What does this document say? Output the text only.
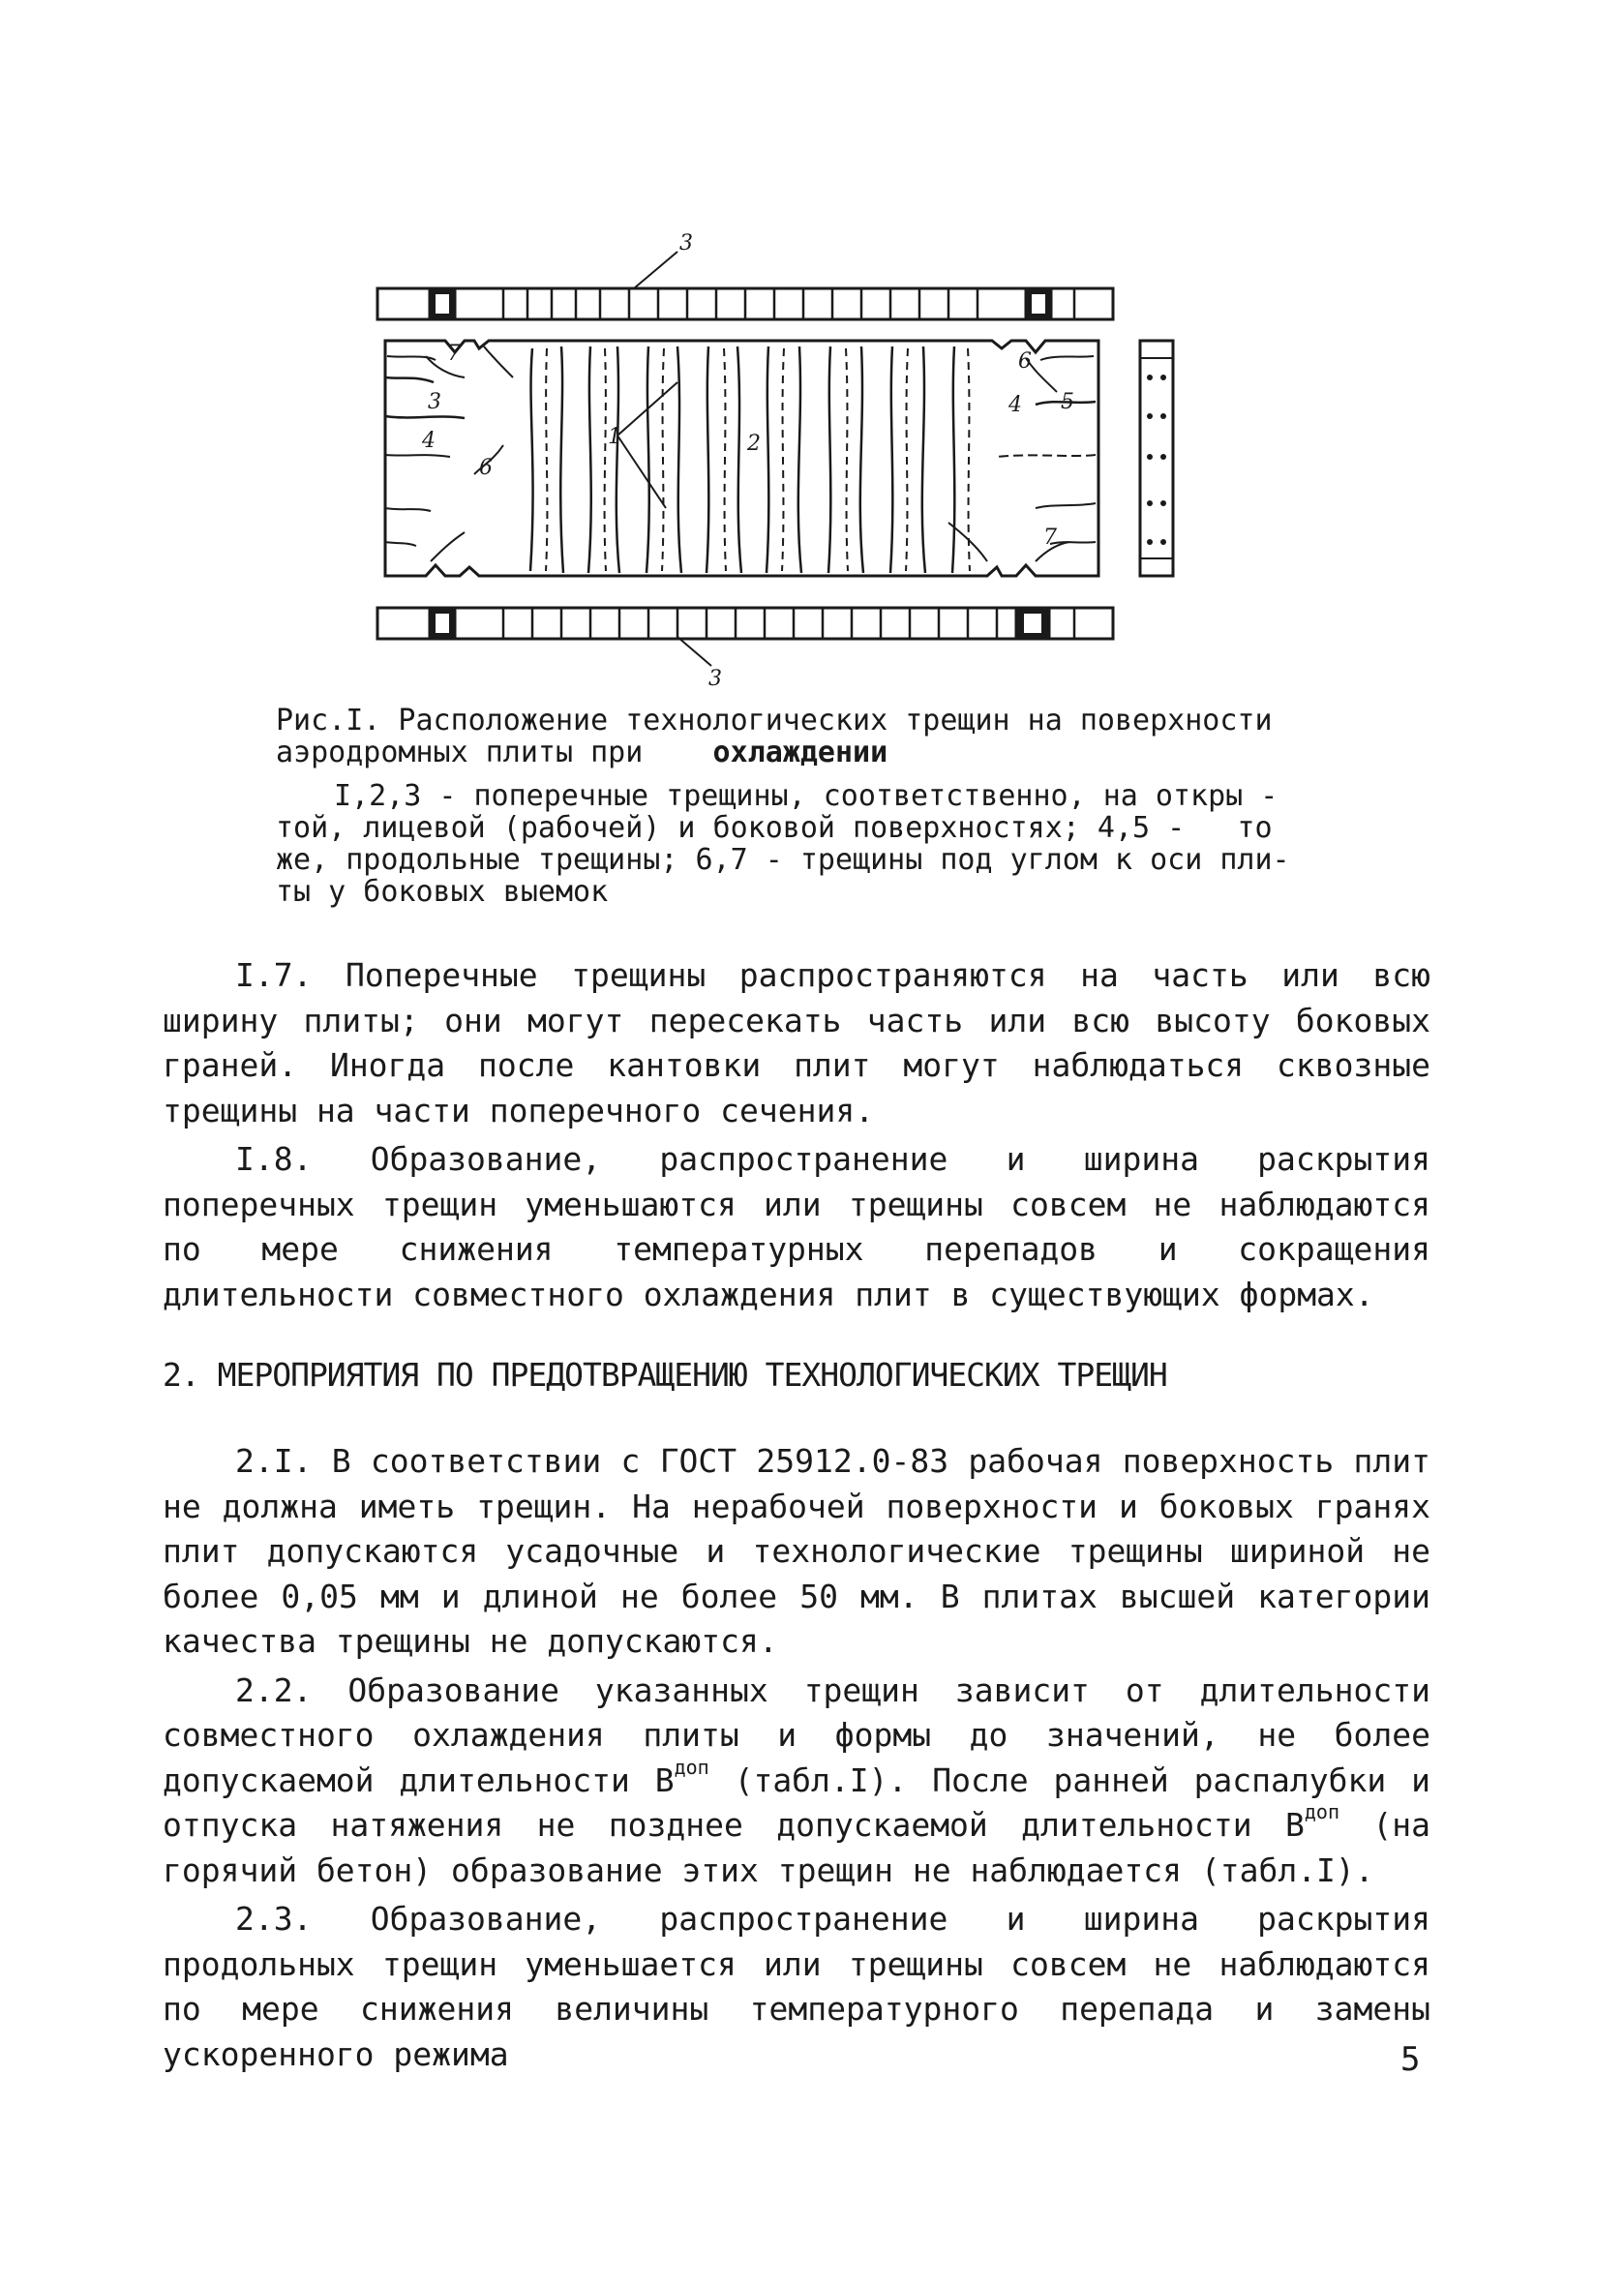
3
3
7
3
4
6
1	2
6
4 5
7
Рис.I. Расположение технологических трещин на поверхности
аэродромных плиты при    охлаждении
I,2,3 - поперечные трещины, соответственно, на откры -
той, лицевой (рабочей) и боковой поверхностях; 4,5 -   то
же, продольные трещины; 6,7 - трещины под углом к оси пли-
ты у боковых выемок

I.7. Поперечные трещины распространяются на часть или всю ширину плиты; они могут пересекать часть или всю высоту боковых граней. Иногда после кантовки плит могут наблюдаться сквозные трещины на части поперечного сечения.

I.8. Образование, распространение и ширина раскрытия поперечных трещин уменьшаются или трещины совсем не наблюдаются по мере снижения температурных перепадов и сокращения длительности совместного охлаждения плит в существующих формах.

2. МЕРОПРИЯТИЯ ПО ПРЕДОТВРАЩЕНИЮ ТЕХНОЛОГИЧЕСКИХ ТРЕЩИН

2.I. В соответствии с ГОСТ 25912.0-83 рабочая поверхность плит не должна иметь трещин. На нерабочей поверхности и боковых гранях плит допускаются усадочные и технологические трещины шириной не более 0,05 мм и длиной не более 50 мм. В плитах высшей категории качества трещины не допускаются.

2.2. Образование указанных трещин зависит от длительности совместного охлаждения плиты и формы до значений, не более допускаемой длительности $B^{доп}$ (табл.I). После ранней распалубки и отпуска натяжения не позднее допускаемой длительности $B^{доп}$ (на горячий бетон) образование этих трещин не наблюдается (табл.I).

2.3. Образование, распространение и ширина раскрытия продольных трещин уменьшается или трещины совсем не наблюдаются по мере снижения величины температурного перепада и замены ускоренного режима	5
